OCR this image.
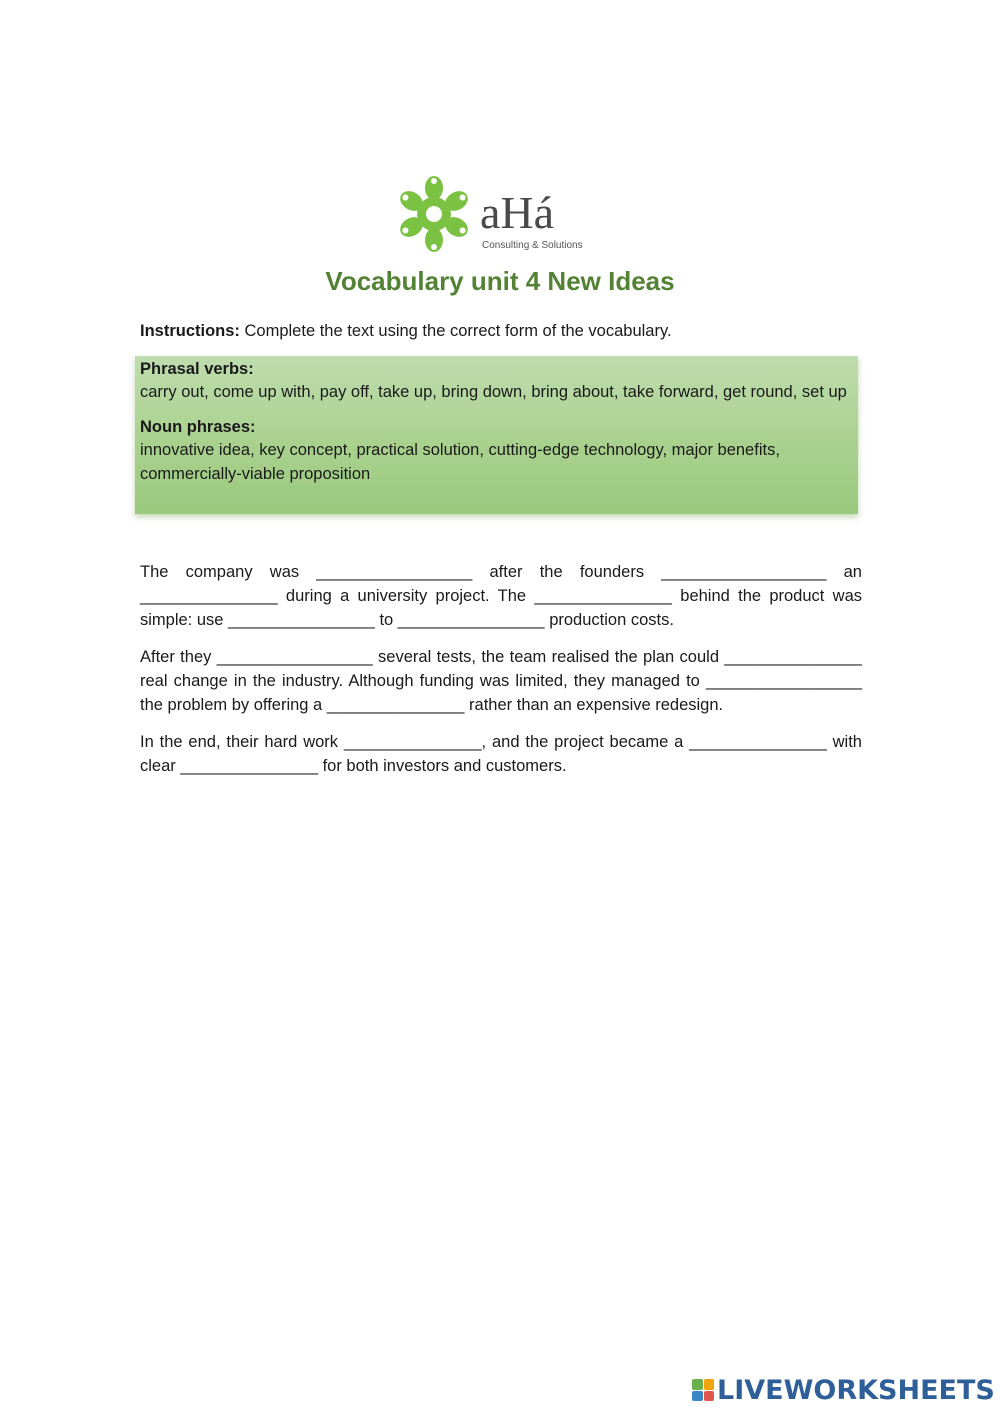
aHá
Consulting & Solutions
Vocabulary unit 4 New Ideas
Instructions: Complete the text using the correct form of the vocabulary.
Phrasal verbs:
carry out, come up with, pay off, take up, bring down, bring about, take forward, get round, set up
Noun phrases:
innovative idea, key concept, practical solution, cutting-edge technology, major benefits, commercially-viable proposition

The company was _________________ after the founders __________________ an _______________ during a university project. The _______________ behind the product was simple: use ________________ to ________________ production costs.

After they _________________ several tests, the team realised the plan could _______________ real change in the industry. Although funding was limited, they managed to _________________ the problem by offering a _______________ rather than an expensive redesign.

In the end, their hard work _______________, and the project became a _______________ with clear _______________ for both investors and customers.

LIVEWORKSHEETS
